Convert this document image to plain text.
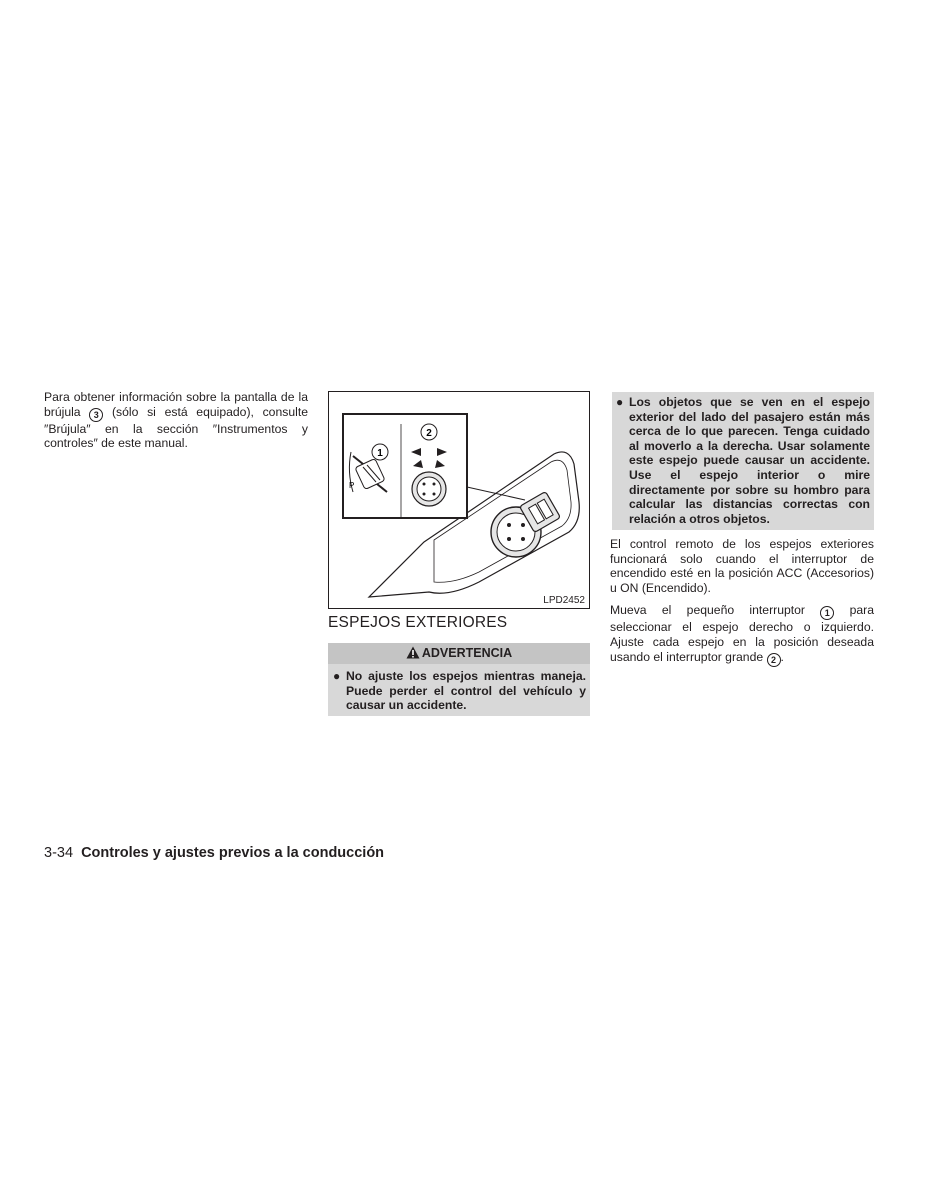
Para obtener información sobre la pantalla de la brújula 3 (sólo si está equipado), consulte ″Brújula″ en la sección ″Instrumentos y controles″ de este manual.
P
1
2
LPD2452
ESPEJOS EXTERIORES
ADVERTENCIA
● No ajuste los espejos mientras maneja. Puede perder el control del vehículo y causar un accidente.
● Los objetos que se ven en el espejo exterior del lado del pasajero están más cerca de lo que parecen. Tenga cuidado al moverlo a la derecha. Usar solamente este espejo puede causar un accidente. Use el espejo interior o mire directamente por sobre su hombro para calcular las distancias correctas con relación a otros objetos.

El control remoto de los espejos exteriores funcionará solo cuando el interruptor de encendido esté en la posición ACC (Accesorios) u ON (Encendido).

Mueva el pequeño interruptor 1 para seleccionar el espejo derecho o izquierdo. Ajuste cada espejo en la posición deseada usando el interruptor grande 2 .

3-34 Controles y ajustes previos a la conducción
